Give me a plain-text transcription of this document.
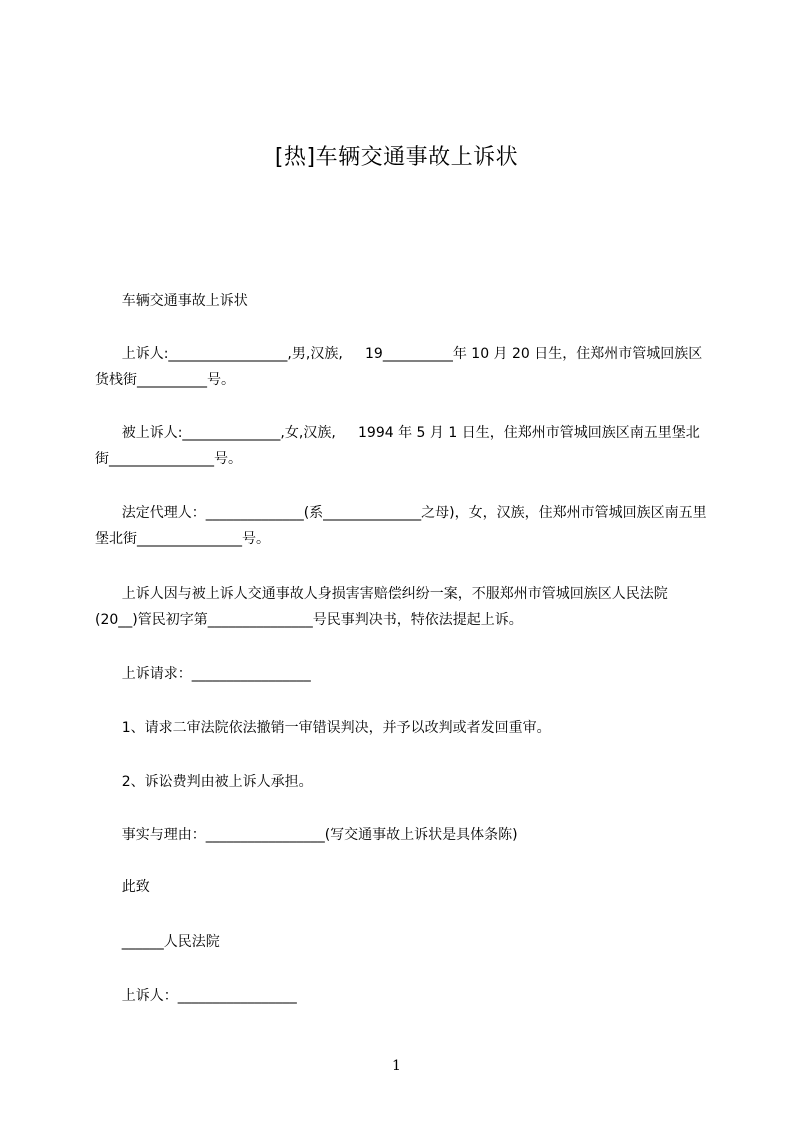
[热]车辆交通事故上诉状
车辆交通事故上诉状
上诉人:_________________,男,汉族,     19__________年 10 月 20 日生，住郑州市管城回族区货栈街__________号。
被上诉人:______________,女,汉族,     1994 年 5 月 1 日生，住郑州市管城回族区南五里堡北街_______________号。
法定代理人：______________(系______________之母)，女，汉族，住郑州市管城回族区南五里堡北街_______________号。
上诉人因与被上诉人交通事故人身损害害赔偿纠纷一案，不服郑州市管城回族区人民法院(20__)管民初字第_______________号民事判决书，特依法提起上诉。
上诉请求：_________________
1、请求二审法院依法撤销一审错误判决，并予以改判或者发回重审。
2、诉讼费判由被上诉人承担。
事实与理由：_________________(写交通事故上诉状是具体条陈)
此致
______人民法院
上诉人：_________________
1
